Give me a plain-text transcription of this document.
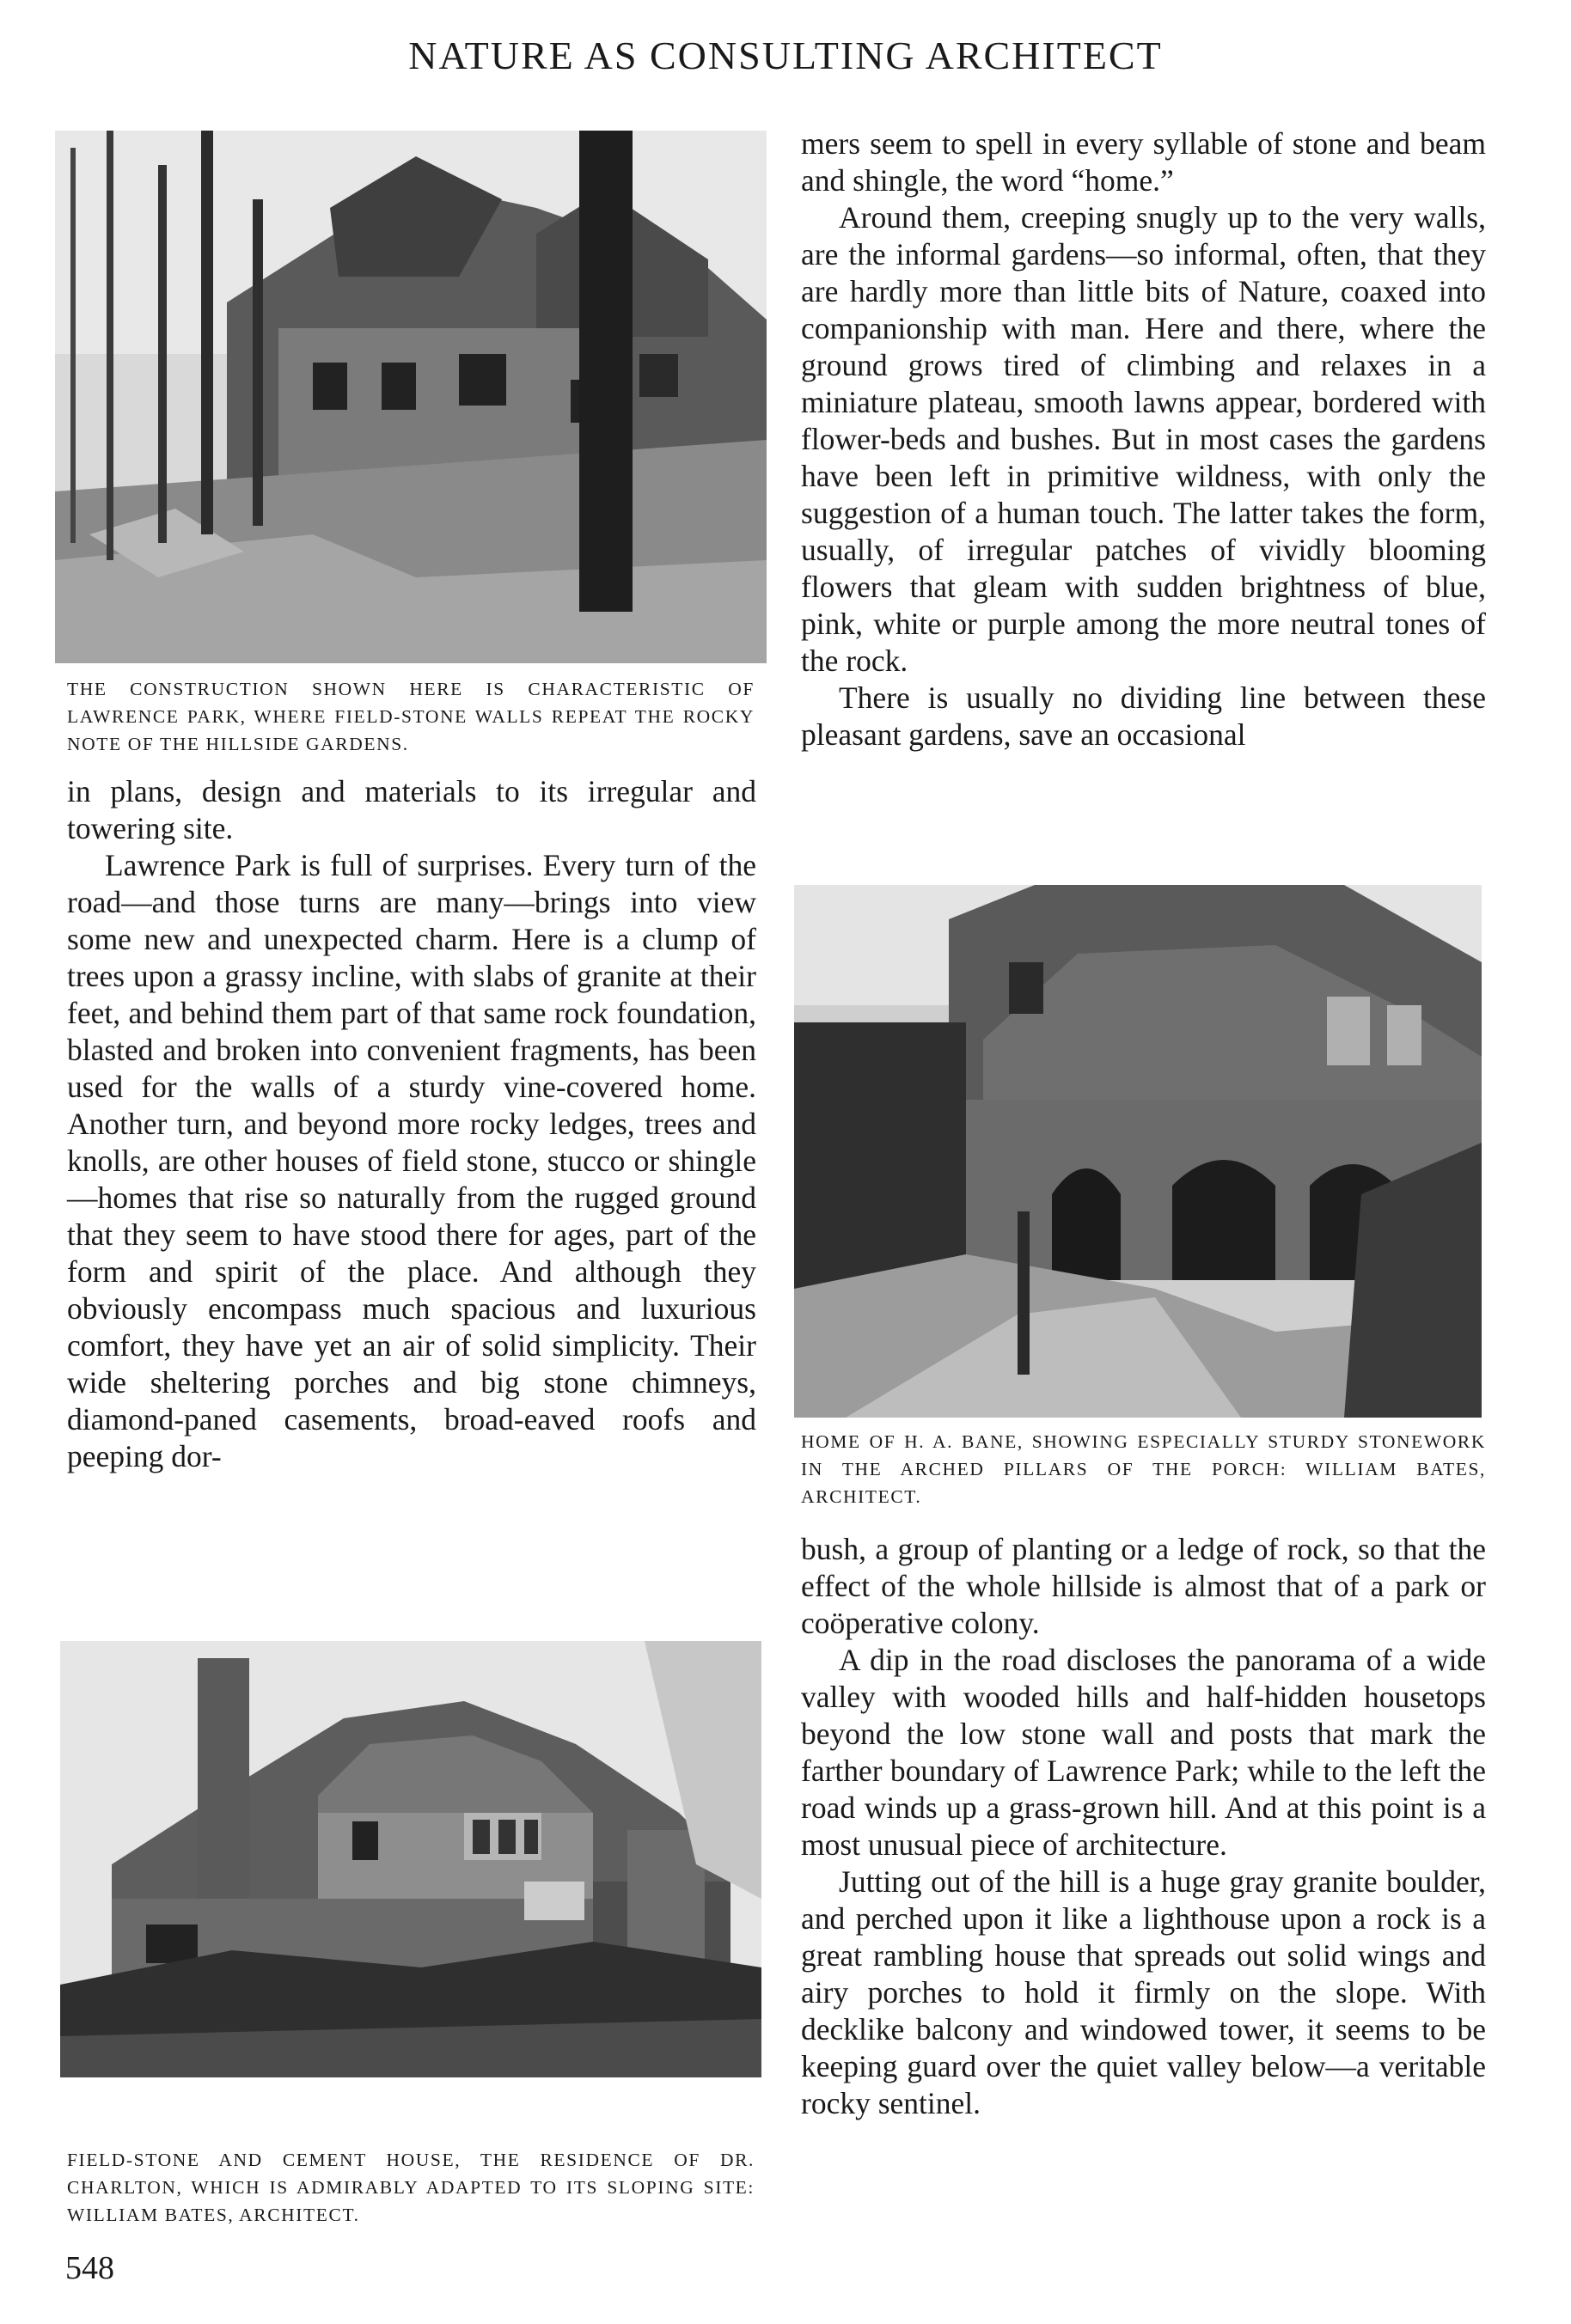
NATURE AS CONSULTING ARCHITECT

THE CONSTRUCTION SHOWN HERE IS CHARACTERISTIC OF LAWRENCE PARK, WHERE FIELD-STONE WALLS REPEAT THE ROCKY NOTE OF THE HILLSIDE GARDENS.

in plans, design and materials to its irregular and towering site.

Lawrence Park is full of surprises. Every turn of the road—and those turns are many—brings into view some new and unexpected charm. Here is a clump of trees upon a grassy incline, with slabs of granite at their feet, and behind them part of that same rock foundation, blasted and broken into convenient fragments, has been used for the walls of a sturdy vine-covered home. Another turn, and beyond more rocky ledges, trees and knolls, are other houses of field stone, stucco or shingle—homes that rise so naturally from the rugged ground that they seem to have stood there for ages, part of the form and spirit of the place. And although they obviously encompass much spacious and luxurious comfort, they have yet an air of solid simplicity. Their wide sheltering porches and big stone chimneys, diamond-paned casements, broad-eaved roofs and peeping dor-

FIELD-STONE AND CEMENT HOUSE, THE RESIDENCE OF DR. CHARLTON, WHICH IS ADMIRABLY ADAPTED TO ITS SLOPING SITE: WILLIAM BATES, ARCHITECT.

548

mers seem to spell in every syllable of stone and beam and shingle, the word “home.”

Around them, creeping snugly up to the very walls, are the informal gardens—so informal, often, that they are hardly more than little bits of Nature, coaxed into companionship with man. Here and there, where the ground grows tired of climbing and relaxes in a miniature plateau, smooth lawns appear, bordered with flower-beds and bushes. But in most cases the gardens have been left in primitive wildness, with only the suggestion of a human touch. The latter takes the form, usually, of irregular patches of vividly blooming flowers that gleam with sudden brightness of blue, pink, white or purple among the more neutral tones of the rock.

There is usually no dividing line between these pleasant gardens, save an occasional

HOME OF H. A. BANE, SHOWING ESPECIALLY STURDY STONEWORK IN THE ARCHED PILLARS OF THE PORCH: WILLIAM BATES, ARCHITECT.

bush, a group of planting or a ledge of rock, so that the effect of the whole hillside is almost that of a park or coöperative colony.

A dip in the road discloses the panorama of a wide valley with wooded hills and half-hidden housetops beyond the low stone wall and posts that mark the farther boundary of Lawrence Park; while to the left the road winds up a grass-grown hill. And at this point is a most unusual piece of architecture.

Jutting out of the hill is a huge gray granite boulder, and perched upon it like a lighthouse upon a rock is a great rambling house that spreads out solid wings and airy porches to hold it firmly on the slope. With decklike balcony and windowed tower, it seems to be keeping guard over the quiet valley below—a veritable rocky sentinel.
